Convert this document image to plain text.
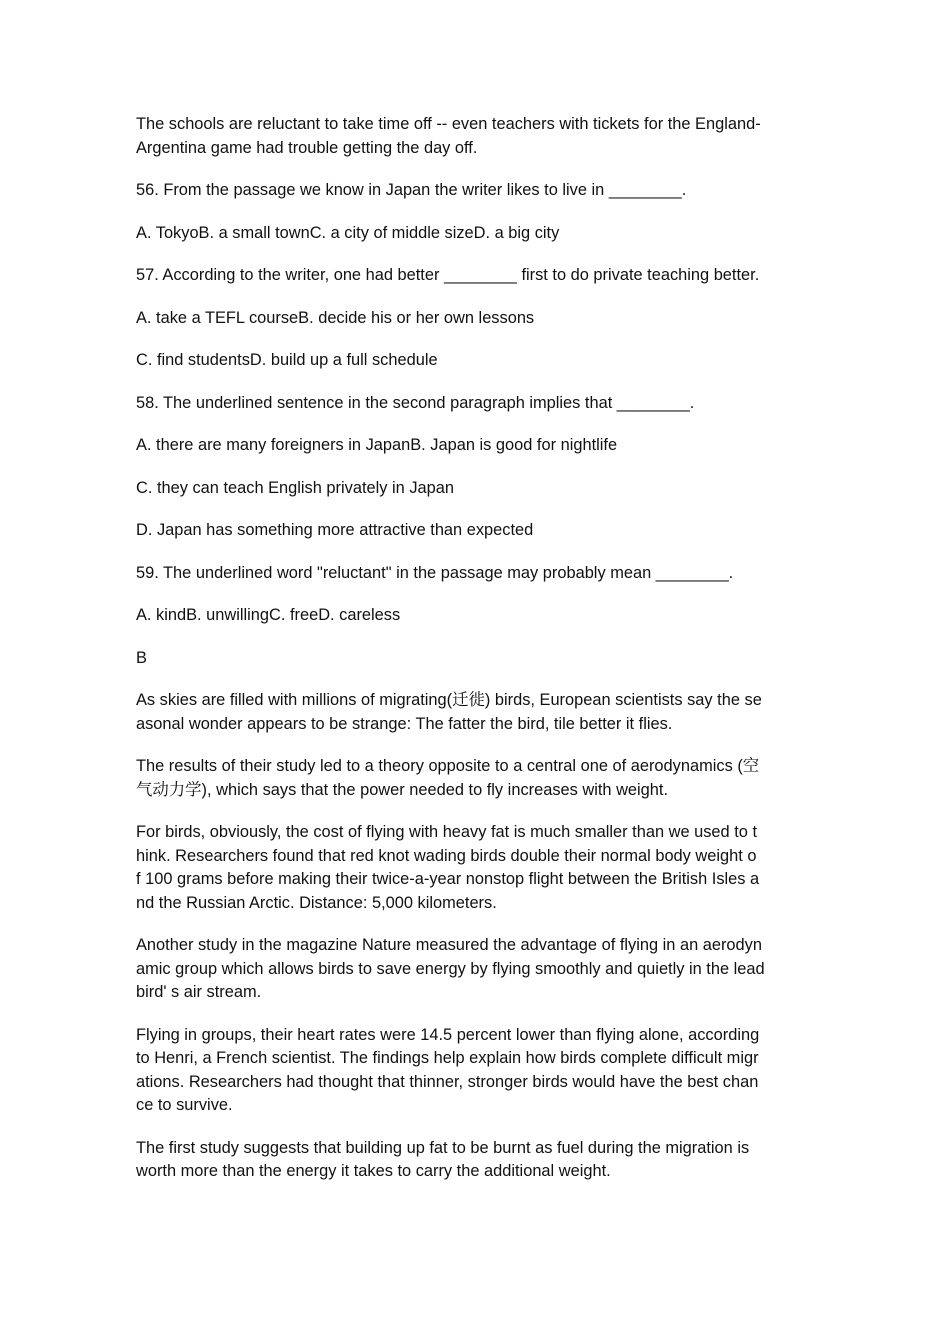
The schools are reluctant to take time off -- even teachers with tickets for the England-
Argentina game had trouble getting the day off.

56. From the passage we know in Japan the writer likes to live in ________.

A. TokyoB. a small townC. a city of middle sizeD. a big city

57. According to the writer, one had better ________ first to do private teaching better.

A. take a TEFL courseB. decide his or her own lessons

C. find studentsD. build up a full schedule

58. The underlined sentence in the second paragraph implies that ________.

A. there are many foreigners in JapanB. Japan is good for nightlife

C. they can teach English privately in Japan

D. Japan has something more attractive than expected

59. The underlined word "reluctant" in the passage may probably mean ________.

A. kindB. unwillingC. freeD. careless

B

As skies are filled with millions of migrating(迁徙) birds, European scientists say the se
asonal wonder appears to be strange: The fatter the bird, tile better it flies.

The results of their study led to a theory opposite to a central one of aerodynamics (空
气动力学), which says that the power needed to fly increases with weight.

For birds, obviously, the cost of flying with heavy fat is much smaller than we used to t
hink. Researchers found that red knot wading birds double their normal body weight o
f 100 grams before making their twice-a-year nonstop flight between the British Isles a
nd the Russian Arctic. Distance: 5,000 kilometers.

Another study in the magazine Nature measured the advantage of flying in an aerodyn
amic group which allows birds to save energy by flying smoothly and quietly in the lead
bird' s air stream.

Flying in groups, their heart rates were 14.5 percent lower than flying alone, according
to Henri, a French scientist. The findings help explain how birds complete difficult migr
ations. Researchers had thought that thinner, stronger birds would have the best chan
ce to survive.

The first study suggests that building up fat to be burnt as fuel during the migration is
worth more than the energy it takes to carry the additional weight.
